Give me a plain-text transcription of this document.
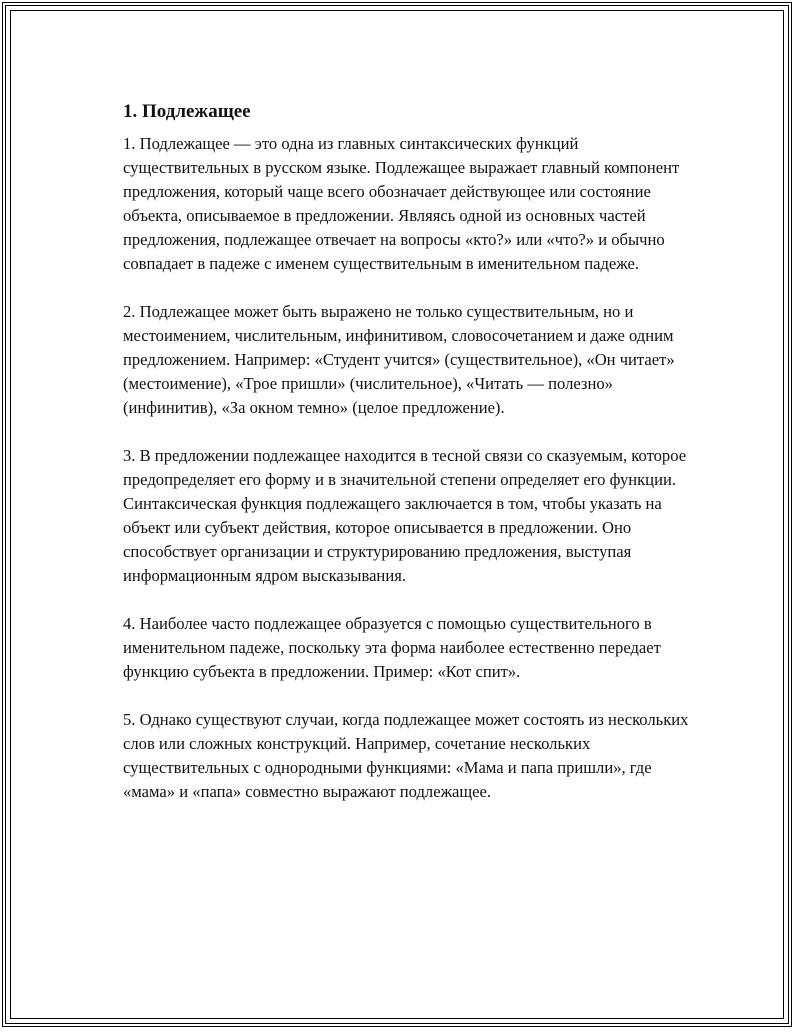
1. Подлежащее

1. Подлежащее — это одна из главных синтаксических функций существительных в русском языке. Подлежащее выражает главный компонент предложения, который чаще всего обозначает действующее или состояние объекта, описываемое в предложении. Являясь одной из основных частей предложения, подлежащее отвечает на вопросы «кто?» или «что?» и обычно совпадает в падеже с именем существительным в именительном падеже.

2. Подлежащее может быть выражено не только существительным, но и местоимением, числительным, инфинитивом, словосочетанием и даже одним предложением. Например: «Студент учится» (существительное), «Он читает» (местоимение), «Трое пришли» (числительное), «Читать — полезно» (инфинитив), «За окном темно» (целое предложение).

3. В предложении подлежащее находится в тесной связи со сказуемым, которое предопределяет его форму и в значительной степени определяет его функции. Синтаксическая функция подлежащего заключается в том, чтобы указать на объект или субъект действия, которое описывается в предложении. Оно способствует организации и структурированию предложения, выступая информационным ядром высказывания.

4. Наиболее часто подлежащее образуется с помощью существительного в именительном падеже, поскольку эта форма наиболее естественно передает функцию субъекта в предложении. Пример: «Кот спит».

5. Однако существуют случаи, когда подлежащее может состоять из нескольких слов или сложных конструкций. Например, сочетание нескольких существительных с однородными функциями: «Мама и папа пришли», где «мама» и «папа» совместно выражают подлежащее.
